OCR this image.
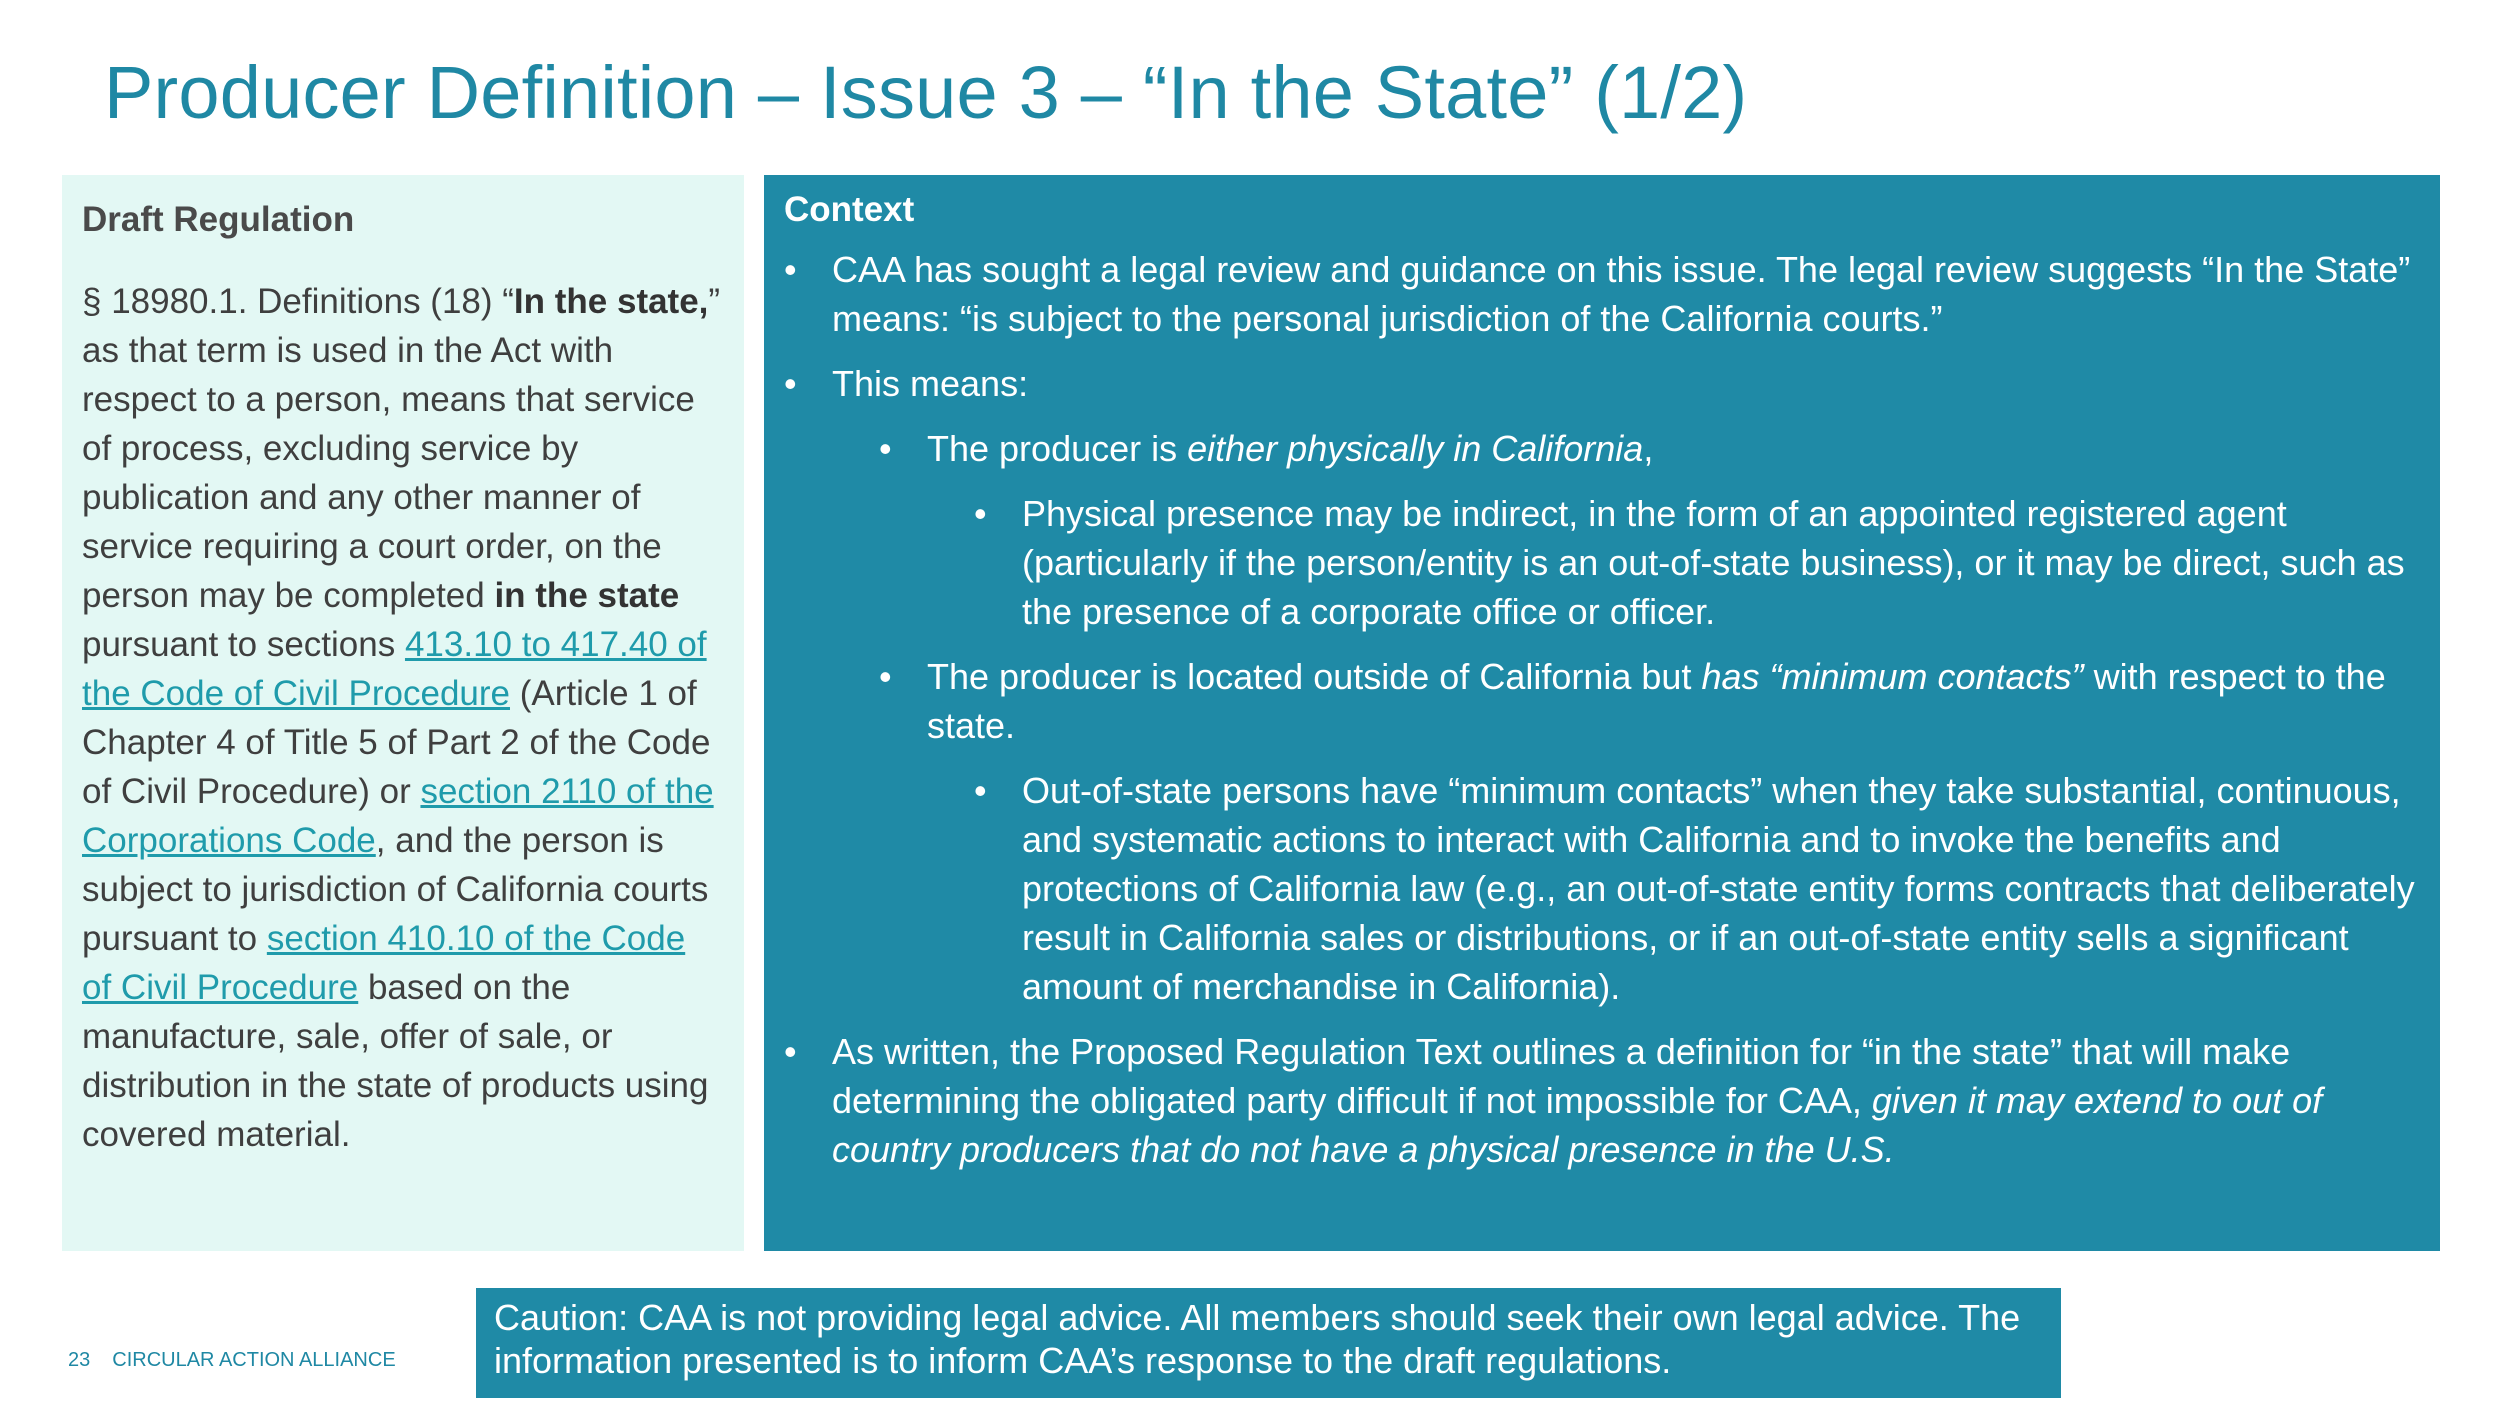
Producer Definition – Issue 3 – “In the State” (1/2)
Draft Regulation

§ 18980.1. Definitions (18) “In the state,” as that term is used in the Act with respect to a person, means that service of process, excluding service by publication and any other manner of service requiring a court order, on the person may be completed in the state pursuant to sections 413.10 to 417.40 of the Code of Civil Procedure (Article 1 of Chapter 4 of Title 5 of Part 2 of the Code of Civil Procedure) or section 2110 of the Corporations Code, and the person is subject to jurisdiction of California courts pursuant to section 410.10 of the Code of Civil Procedure based on the manufacture, sale, offer of sale, or distribution in the state of products using covered material.

Context
• CAA has sought a legal review and guidance on this issue. The legal review suggests “In the State” means: “is subject to the personal jurisdiction of the California courts.”
• This means:
• The producer is either physically in California,
• Physical presence may be indirect, in the form of an appointed registered agent (particularly if the person/entity is an out-of-state business), or it may be direct, such as the presence of a corporate office or officer.
• The producer is located outside of California but has “minimum contacts” with respect to the state.
• Out-of-state persons have “minimum contacts” when they take substantial, continuous, and systematic actions to interact with California and to invoke the benefits and protections of California law (e.g., an out-of-state entity forms contracts that deliberately result in California sales or distributions, or if an out-of-state entity sells a significant amount of merchandise in California).
• As written, the Proposed Regulation Text outlines a definition for “in the state” that will make determining the obligated party difficult if not impossible for CAA, given it may extend to out of country producers that do not have a physical presence in the U.S.
23 CIRCULAR ACTION ALLIANCE
Caution: CAA is not providing legal advice. All members should seek their own legal advice. The information presented is to inform CAA’s response to the draft regulations.
